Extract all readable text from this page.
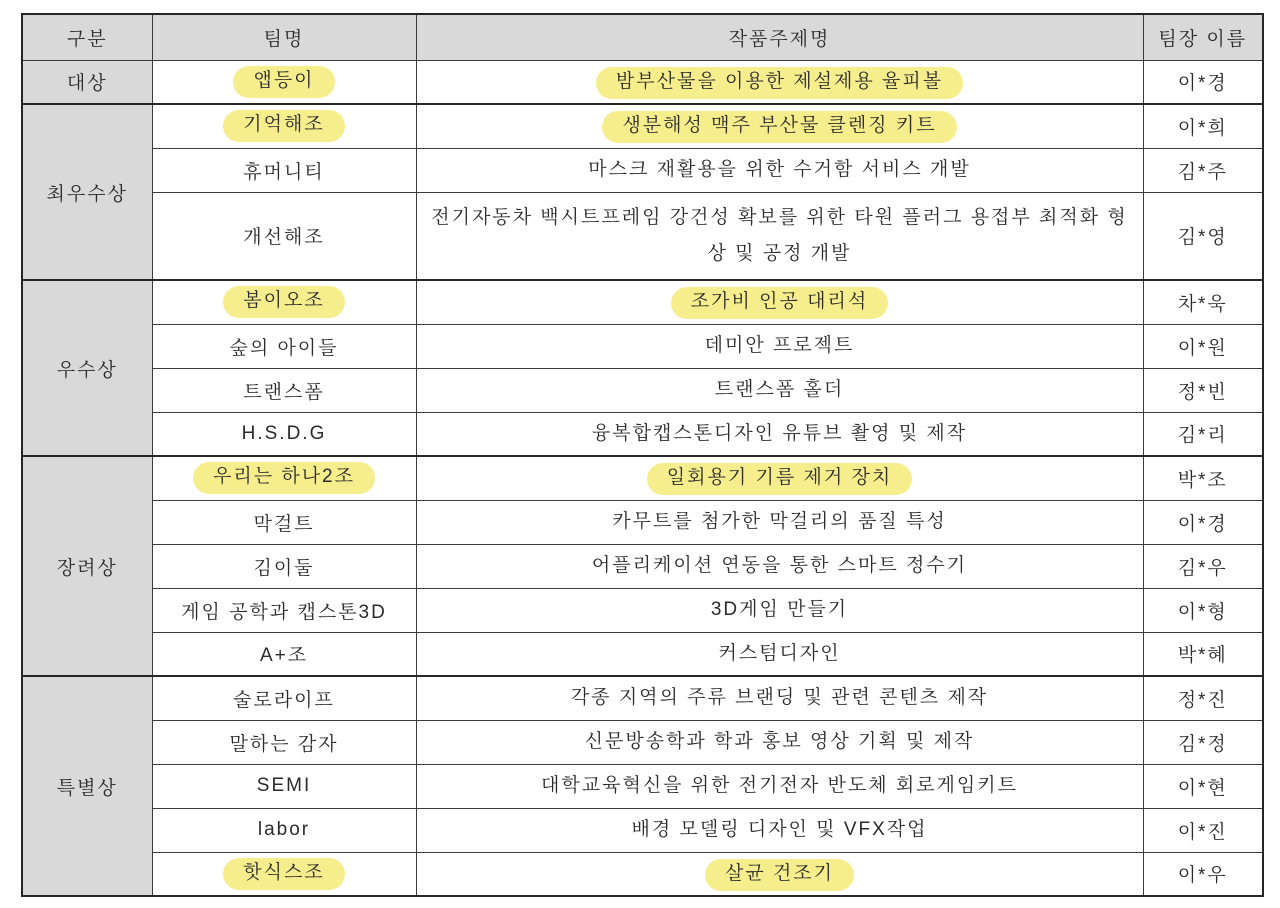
구분	팀명	작품주제명	팀장 이름
대상	앱등이	밤부산물을 이용한 제설제용 율피볼	이*경
최우수상	기억해조	생분해성 맥주 부산물 클렌징 키트	이*희
	휴머니티	마스크 재활용을 위한 수거함 서비스 개발	김*주
	개선해조	전기자동차 백시트프레임 강건성 확보를 위한 타원 플러그 용접부 최적화 형상 및 공정 개발	김*영
우수상	봄이오조	조가비 인공 대리석	차*욱
	숲의 아이들	데미안 프로젝트	이*원
	트랜스폼	트랜스폼 홀더	정*빈
	H.S.D.G	융복합캡스톤디자인 유튜브 촬영 및 제작	김*리
장려상	우리는 하나2조	일회용기 기름 제거 장치	박*조
	막걸트	카무트를 첨가한 막걸리의 품질 특성	이*경
	김이둘	어플리케이션 연동을 통한 스마트 정수기	김*우
	게임 공학과 캡스톤3D	3D게임 만들기	이*형
	A+조	커스텀디자인	박*혜
특별상	술로라이프	각종 지역의 주류 브랜딩 및 관련 콘텐츠 제작	정*진
	말하는 감자	신문방송학과 학과 홍보 영상 기획 및 제작	김*정
	SEMI	대학교육혁신을 위한 전기전자 반도체 회로게임키트	이*현
	labor	배경 모델링 디자인 및 VFX작업	이*진
	핫식스조	살균 건조기	이*우
